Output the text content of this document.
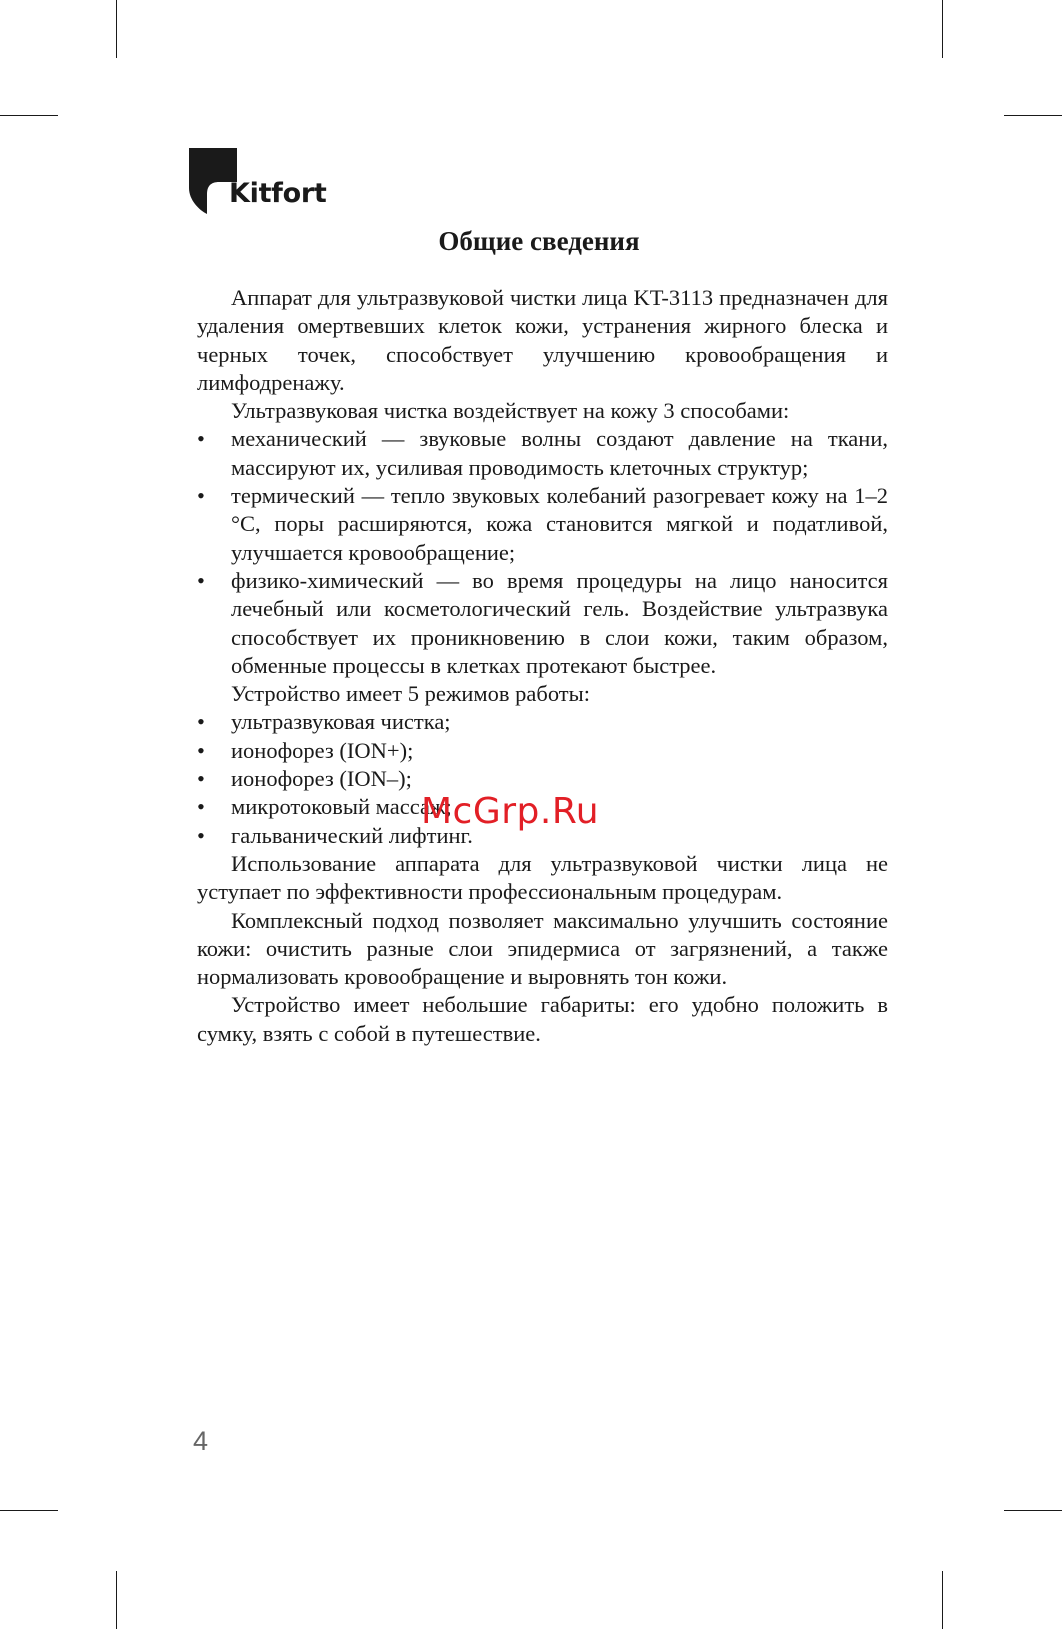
Kitfort
Общие сведения

Аппарат для ультразвуковой чистки лица KT-3113 предназначен для удаления омертвевших клеток кожи, устранения жирного блеска и черных точек, способствует улучшению кровообращения и лимфодренажу.

Ультразвуковая чистка воздействует на кожу 3 способами:

• механический — звуковые волны создают давление на ткани, массируют их, усиливая проводимость клеточных структур;
• термический — тепло звуковых колебаний разогревает кожу на 1–2 °С, поры расширяются, кожа становится мягкой и податливой, улучшается кровообращение;
• физико-химический — во время процедуры на лицо наносится лечебный или косметологический гель. Воздействие ультразвука способствует их проникновению в слои кожи, таким образом, обменные процессы в клетках протекают быстрее.

Устройство имеет 5 режимов работы:

• ультразвуковая чистка;
• ионофорез (ION+);
• ионофорез (ION–);
• микротоковый массаж;
• гальванический лифтинг.

Использование аппарата для ультразвуковой чистки лица не уступает по эффективности профессиональным процедурам.

Комплексный подход позволяет максимально улучшить состояние кожи: очистить разные слои эпидермиса от загрязнений, а также нормализовать кровообращение и выровнять тон кожи.

Устройство имеет небольшие габариты: его удобно положить в сумку, взять с собой в путешествие.

McGrp.Ru
4
